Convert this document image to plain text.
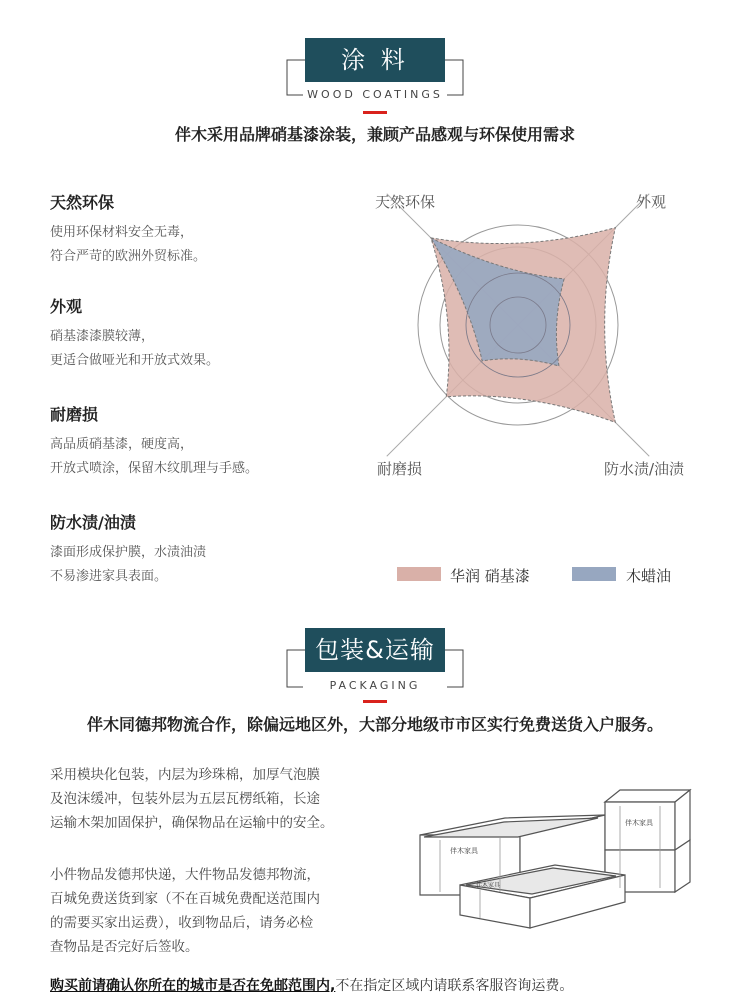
涂 料
WOOD COATINGS
伴木采用品牌硝基漆涂装，兼顾产品感观与环保使用需求
天然环保
使用环保材料安全无毒，
符合严苛的欧洲外贸标准。
外观
硝基漆漆膜较薄，
更适合做哑光和开放式效果。
耐磨损
高品质硝基漆，硬度高，
开放式喷涂，保留木纹肌理与手感。
防水渍/油渍
漆面形成保护膜，水渍油渍
不易渗进家具表面。
天然环保	外观
耐磨损	防水渍/油渍
华润 硝基漆	木蜡油
包装&运输
PACKAGING
伴木同德邦物流合作，除偏远地区外，大部分地级市市区实行免费送货入户服务。
采用模块化包装，内层为珍珠棉，加厚气泡膜
及泡沫缓冲，包装外层为五层瓦楞纸箱，长途
运输木架加固保护，确保物品在运输中的安全。
小件物品发德邦快递，大件物品发德邦物流，
百城免费送货到家（不在百城免费配送范围内
的需要买家出运费），收到物品后，请务必检
查物品是否完好后签收。
伴木家具
伴木家具
伴木家具
购买前请确认你所在的城市是否在免邮范围内,不在指定区域内请联系客服咨询运费。
